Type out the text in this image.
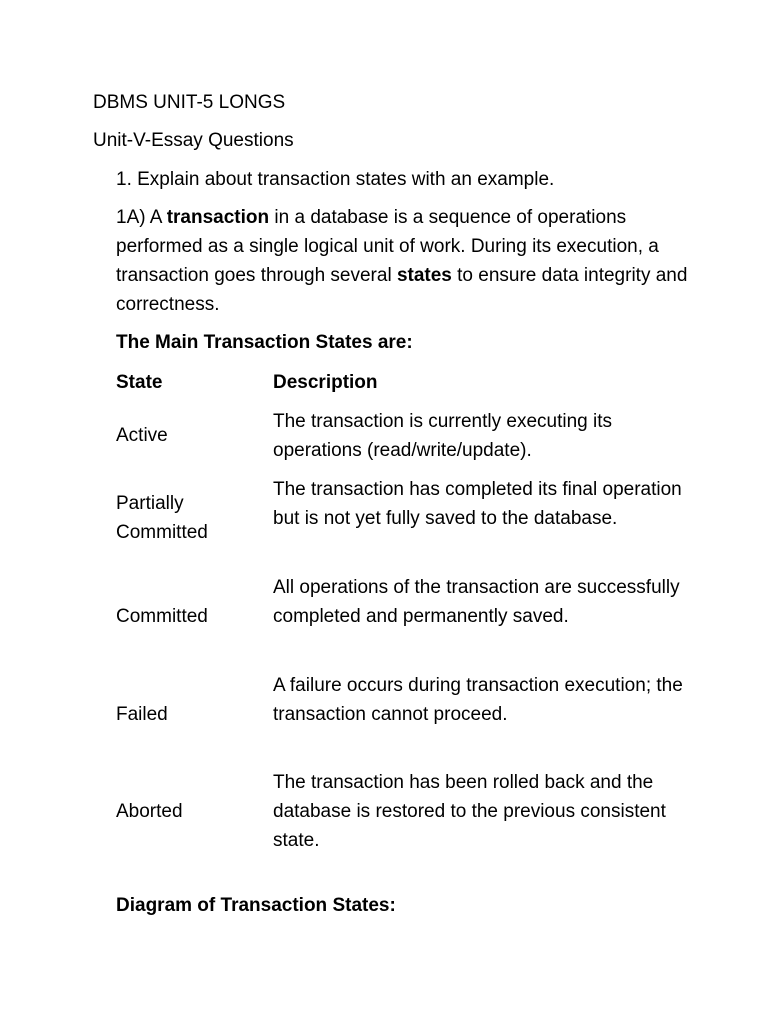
DBMS UNIT-5 LONGS
Unit-V-Essay Questions
1. Explain about transaction states with an example.
1A) A transaction in a database is a sequence of operations performed as a single logical unit of work. During its execution, a transaction goes through several states to ensure data integrity and correctness.
The Main Transaction States are:
State	Description
Active
The transaction is currently executing its operations (read/write/update).
Partially Committed
The transaction has completed its final operation but is not yet fully saved to the database.
Committed
All operations of the transaction are successfully completed and permanently saved.
Failed
A failure occurs during transaction execution; the transaction cannot proceed.
Aborted
The transaction has been rolled back and the database is restored to the previous consistent state.
Diagram of Transaction States:
